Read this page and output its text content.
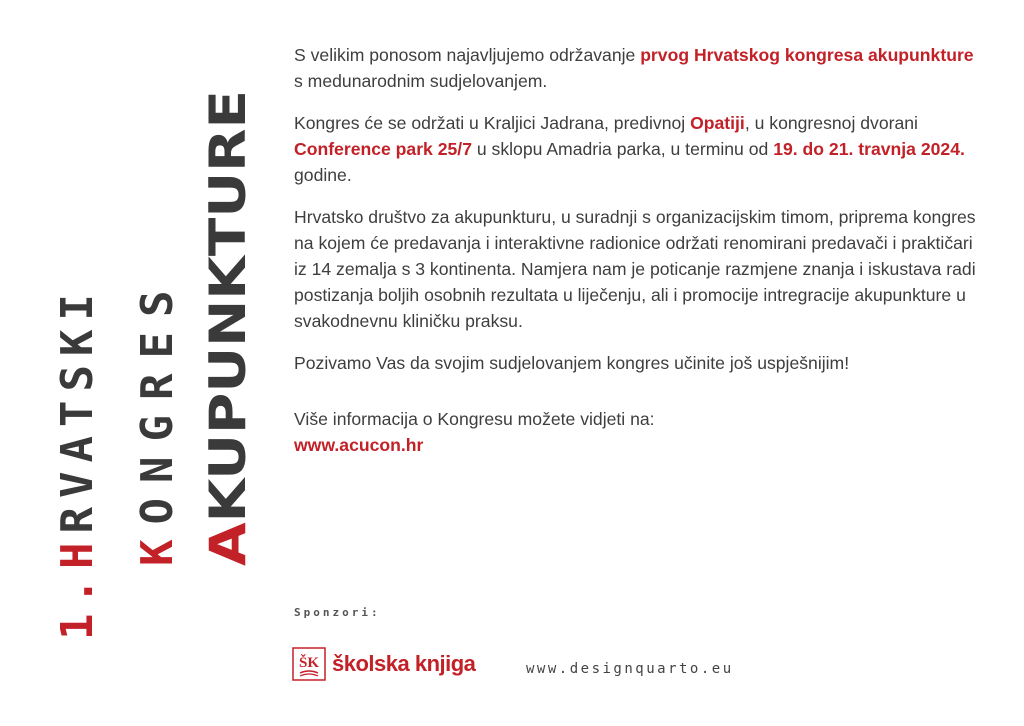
1.HRVATSKI
KONGRES
AKUPUNKTURE

S velikim ponosom najavljujemo održavanje prvog Hrvatskog kongresa akupunkture s medunarodnim sudjelovanjem.

Kongres će se održati u Kraljici Jadrana, predivnoj Opatiji, u kongresnoj dvorani Conference park 25/7 u sklopu Amadria parka, u terminu od 19. do 21. travnja 2024. godine.

Hrvatsko društvo za akupunkturu, u suradnji s organizacijskim timom, priprema kongres na kojem će predavanja i interaktivne radionice održati renomirani predavači i praktičari iz 14 zemalja s 3 kontinenta. Namjera nam je poticanje razmjene znanja i iskustava radi postizanja boljih osobnih rezultata u liječenju, ali i promocije intregracije akupunkture u svakodnevnu kliničku praksu.

Pozivamo Vas da svojim sudjelovanjem kongres učinite još uspješnijim!

Više informacija o Kongresu možete vidjeti na:
www.acucon.hr

Sponzori:
ŠK školska knjiga	www.designquarto.eu
